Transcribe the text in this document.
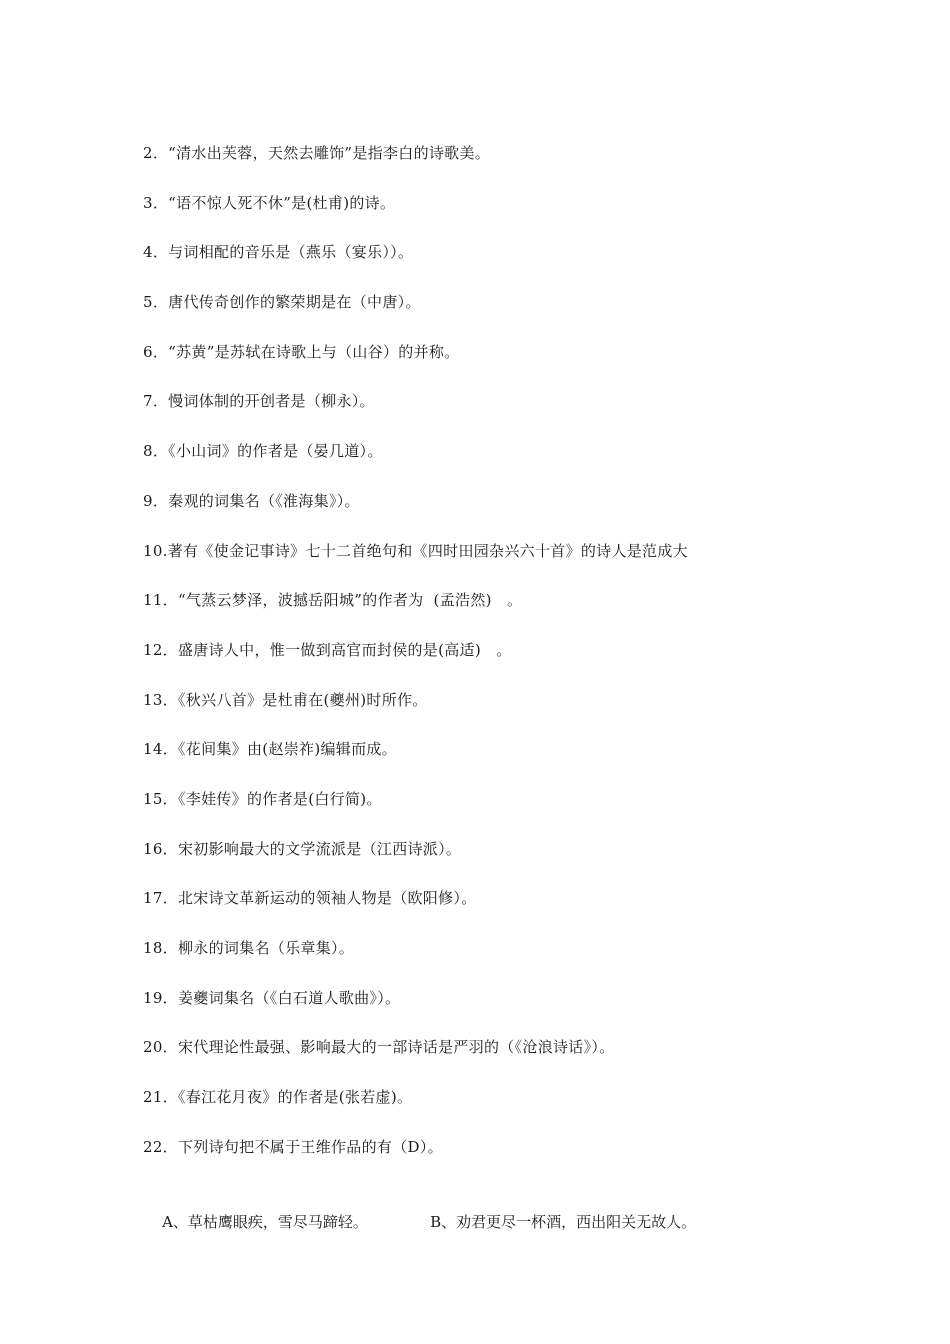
2．“清水出芙蓉，天然去雕饰”是指李白的诗歌美。
3．“语不惊人死不休”是(杜甫)的诗。
4．与词相配的音乐是（燕乐（宴乐））。
5．唐代传奇创作的繁荣期是在（中唐）。
6．“苏黄”是苏轼在诗歌上与（山谷）的并称。
7．慢词体制的开创者是（柳永）。
8．《小山词》的作者是（晏几道）。
9．秦观的词集名（《淮海集》）。
10.著有《使金记事诗》七十二首绝句和《四时田园杂兴六十首》的诗人是范成大
11．“气蒸云梦泽，波撼岳阳城”的作者为  (孟浩然)   。
12．盛唐诗人中，惟一做到高官而封侯的是(高适)   。
13．《秋兴八首》是杜甫在(夔州)时所作。
14．《花间集》由(赵崇祚)编辑而成。
15．《李娃传》的作者是(白行简)。
16．宋初影响最大的文学流派是（江西诗派）。
17．北宋诗文革新运动的领袖人物是（欧阳修）。
18．柳永的词集名（乐章集）。
19．姜夔词集名（《白石道人歌曲》）。
20．宋代理论性最强、影响最大的一部诗话是严羽的（《沧浪诗话》）。
21．《春江花月夜》的作者是(张若虚)。
22．下列诗句把不属于王维作品的有（D）。

A、草枯鹰眼疾，雪尽马蹄轻。	B、劝君更尽一杯酒，西出阳关无故人。
